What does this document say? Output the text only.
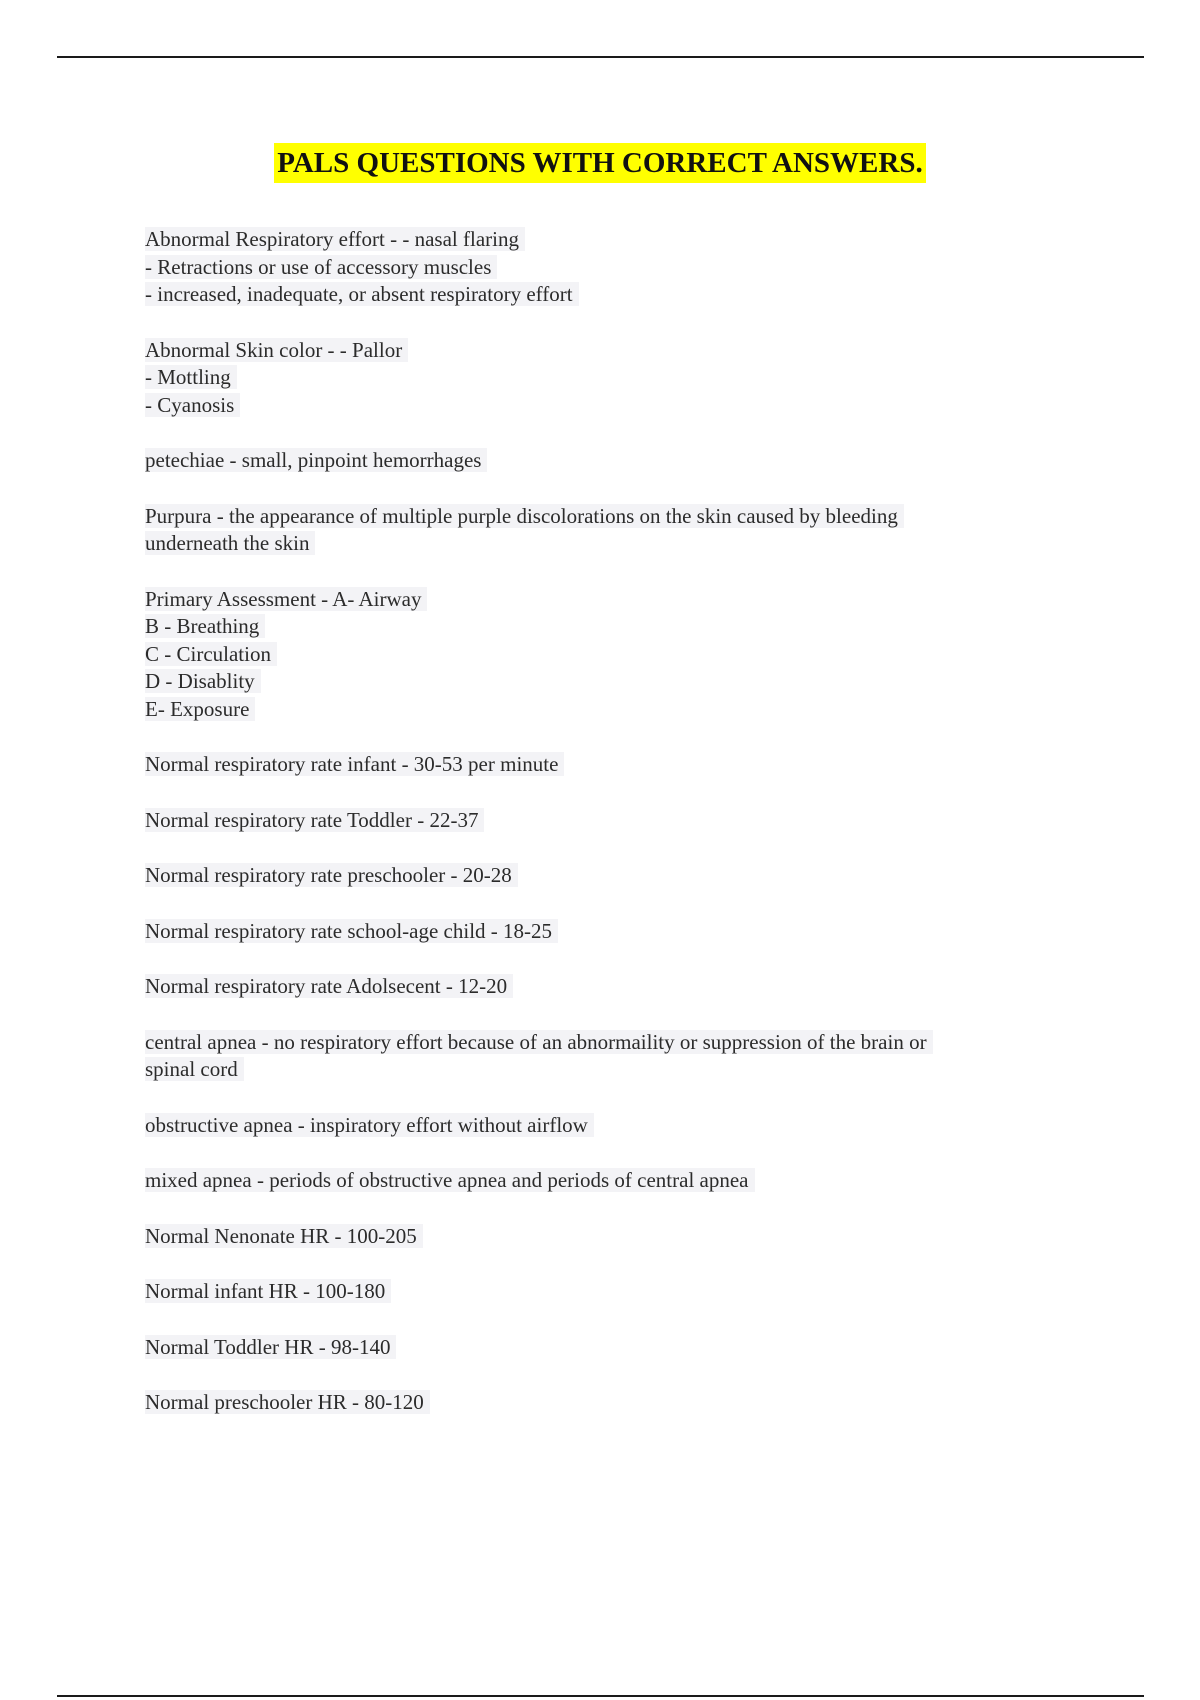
PALS QUESTIONS WITH CORRECT ANSWERS.
Abnormal Respiratory effort - - nasal flaring
- Retractions or use of accessory muscles
- increased, inadequate, or absent respiratory effort
Abnormal Skin color - - Pallor
- Mottling
- Cyanosis
petechiae - small, pinpoint hemorrhages
Purpura - the appearance of multiple purple discolorations on the skin caused by bleeding
underneath the skin
Primary Assessment - A- Airway
B - Breathing
C - Circulation
D - Disablity
E- Exposure
Normal respiratory rate infant - 30-53 per minute
Normal respiratory rate Toddler - 22-37
Normal respiratory rate preschooler - 20-28
Normal respiratory rate school-age child - 18-25
Normal respiratory rate Adolsecent - 12-20
central apnea - no respiratory effort because of an abnormaility or suppression of the brain or
spinal cord
obstructive apnea - inspiratory effort without airflow
mixed apnea - periods of obstructive apnea and periods of central apnea
Normal Nenonate HR - 100-205
Normal infant HR - 100-180
Normal Toddler HR - 98-140
Normal preschooler HR - 80-120
